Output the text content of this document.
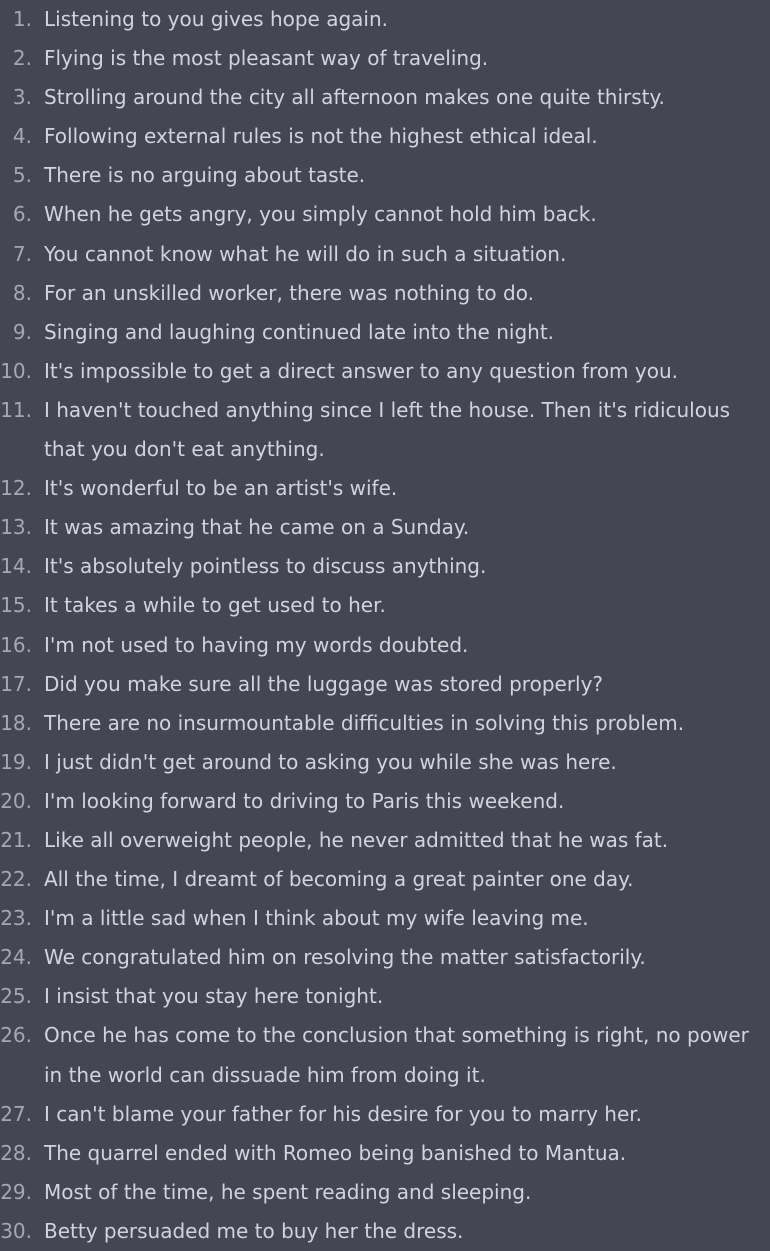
1. Listening to you gives hope again.
2. Flying is the most pleasant way of traveling.
3. Strolling around the city all afternoon makes one quite thirsty.
4. Following external rules is not the highest ethical ideal.
5. There is no arguing about taste.
6. When he gets angry, you simply cannot hold him back.
7. You cannot know what he will do in such a situation.
8. For an unskilled worker, there was nothing to do.
9. Singing and laughing continued late into the night.
10. It's impossible to get a direct answer to any question from you.
11. I haven't touched anything since I left the house. Then it's ridiculous that you don't eat anything.
12. It's wonderful to be an artist's wife.
13. It was amazing that he came on a Sunday.
14. It's absolutely pointless to discuss anything.
15. It takes a while to get used to her.
16. I'm not used to having my words doubted.
17. Did you make sure all the luggage was stored properly?
18. There are no insurmountable difficulties in solving this problem.
19. I just didn't get around to asking you while she was here.
20. I'm looking forward to driving to Paris this weekend.
21. Like all overweight people, he never admitted that he was fat.
22. All the time, I dreamt of becoming a great painter one day.
23. I'm a little sad when I think about my wife leaving me.
24. We congratulated him on resolving the matter satisfactorily.
25. I insist that you stay here tonight.
26. Once he has come to the conclusion that something is right, no power in the world can dissuade him from doing it.
27. I can't blame your father for his desire for you to marry her.
28. The quarrel ended with Romeo being banished to Mantua.
29. Most of the time, he spent reading and sleeping.
30. Betty persuaded me to buy her the dress.
